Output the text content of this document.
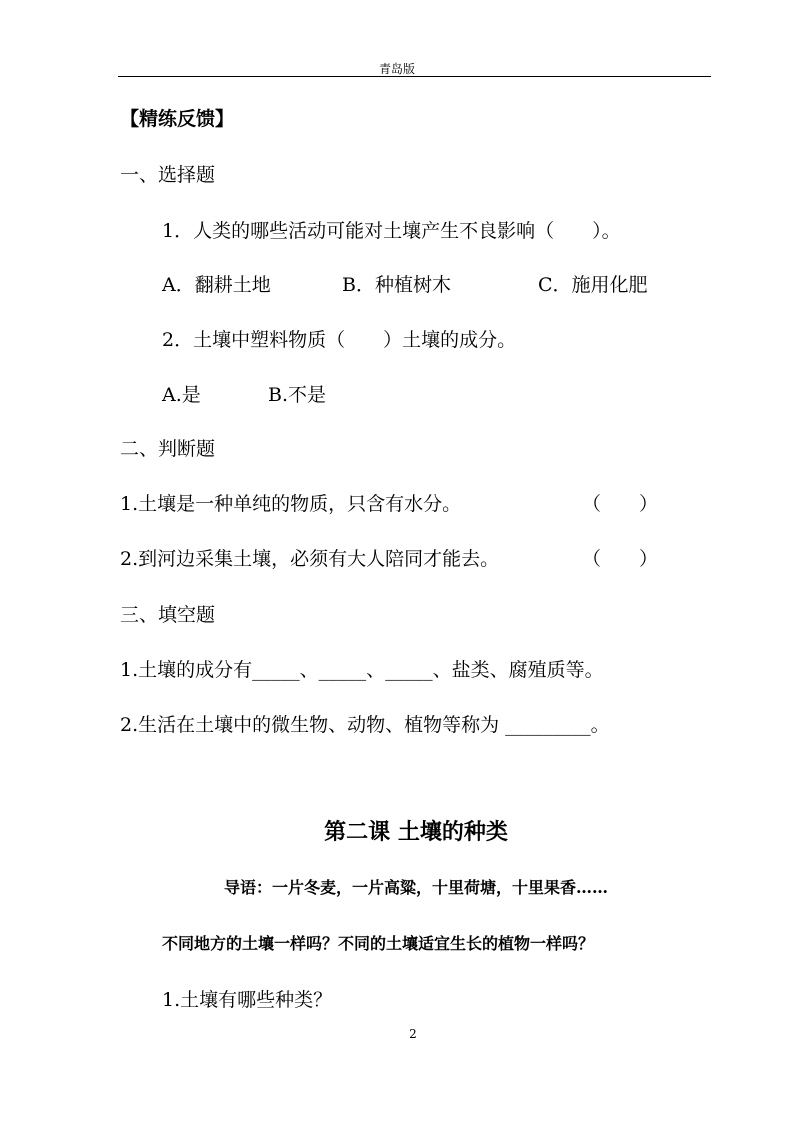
青岛版
【精练反馈】
一、选择题
1．人类的哪些活动可能对土壤产生不良影响（　　）。
A．翻耕土地	B．种植树木	C．施用化肥
2．土壤中塑料物质（　　）土壤的成分。
A.是	B.不是
二、判断题
1.土壤是一种单纯的物质，只含有水分。	（　　）
2.到河边采集土壤，必须有大人陪同才能去。	（　　）
三、填空题
1.土壤的成分有_____、_____、_____、盐类、腐殖质等。
2.生活在土壤中的微生物、动物、植物等称为 _________。
第二课 土壤的种类
导语：一片冬麦，一片高粱，十里荷塘，十里果香……
不同地方的土壤一样吗？不同的土壤适宜生长的植物一样吗？
1.土壤有哪些种类？
2
